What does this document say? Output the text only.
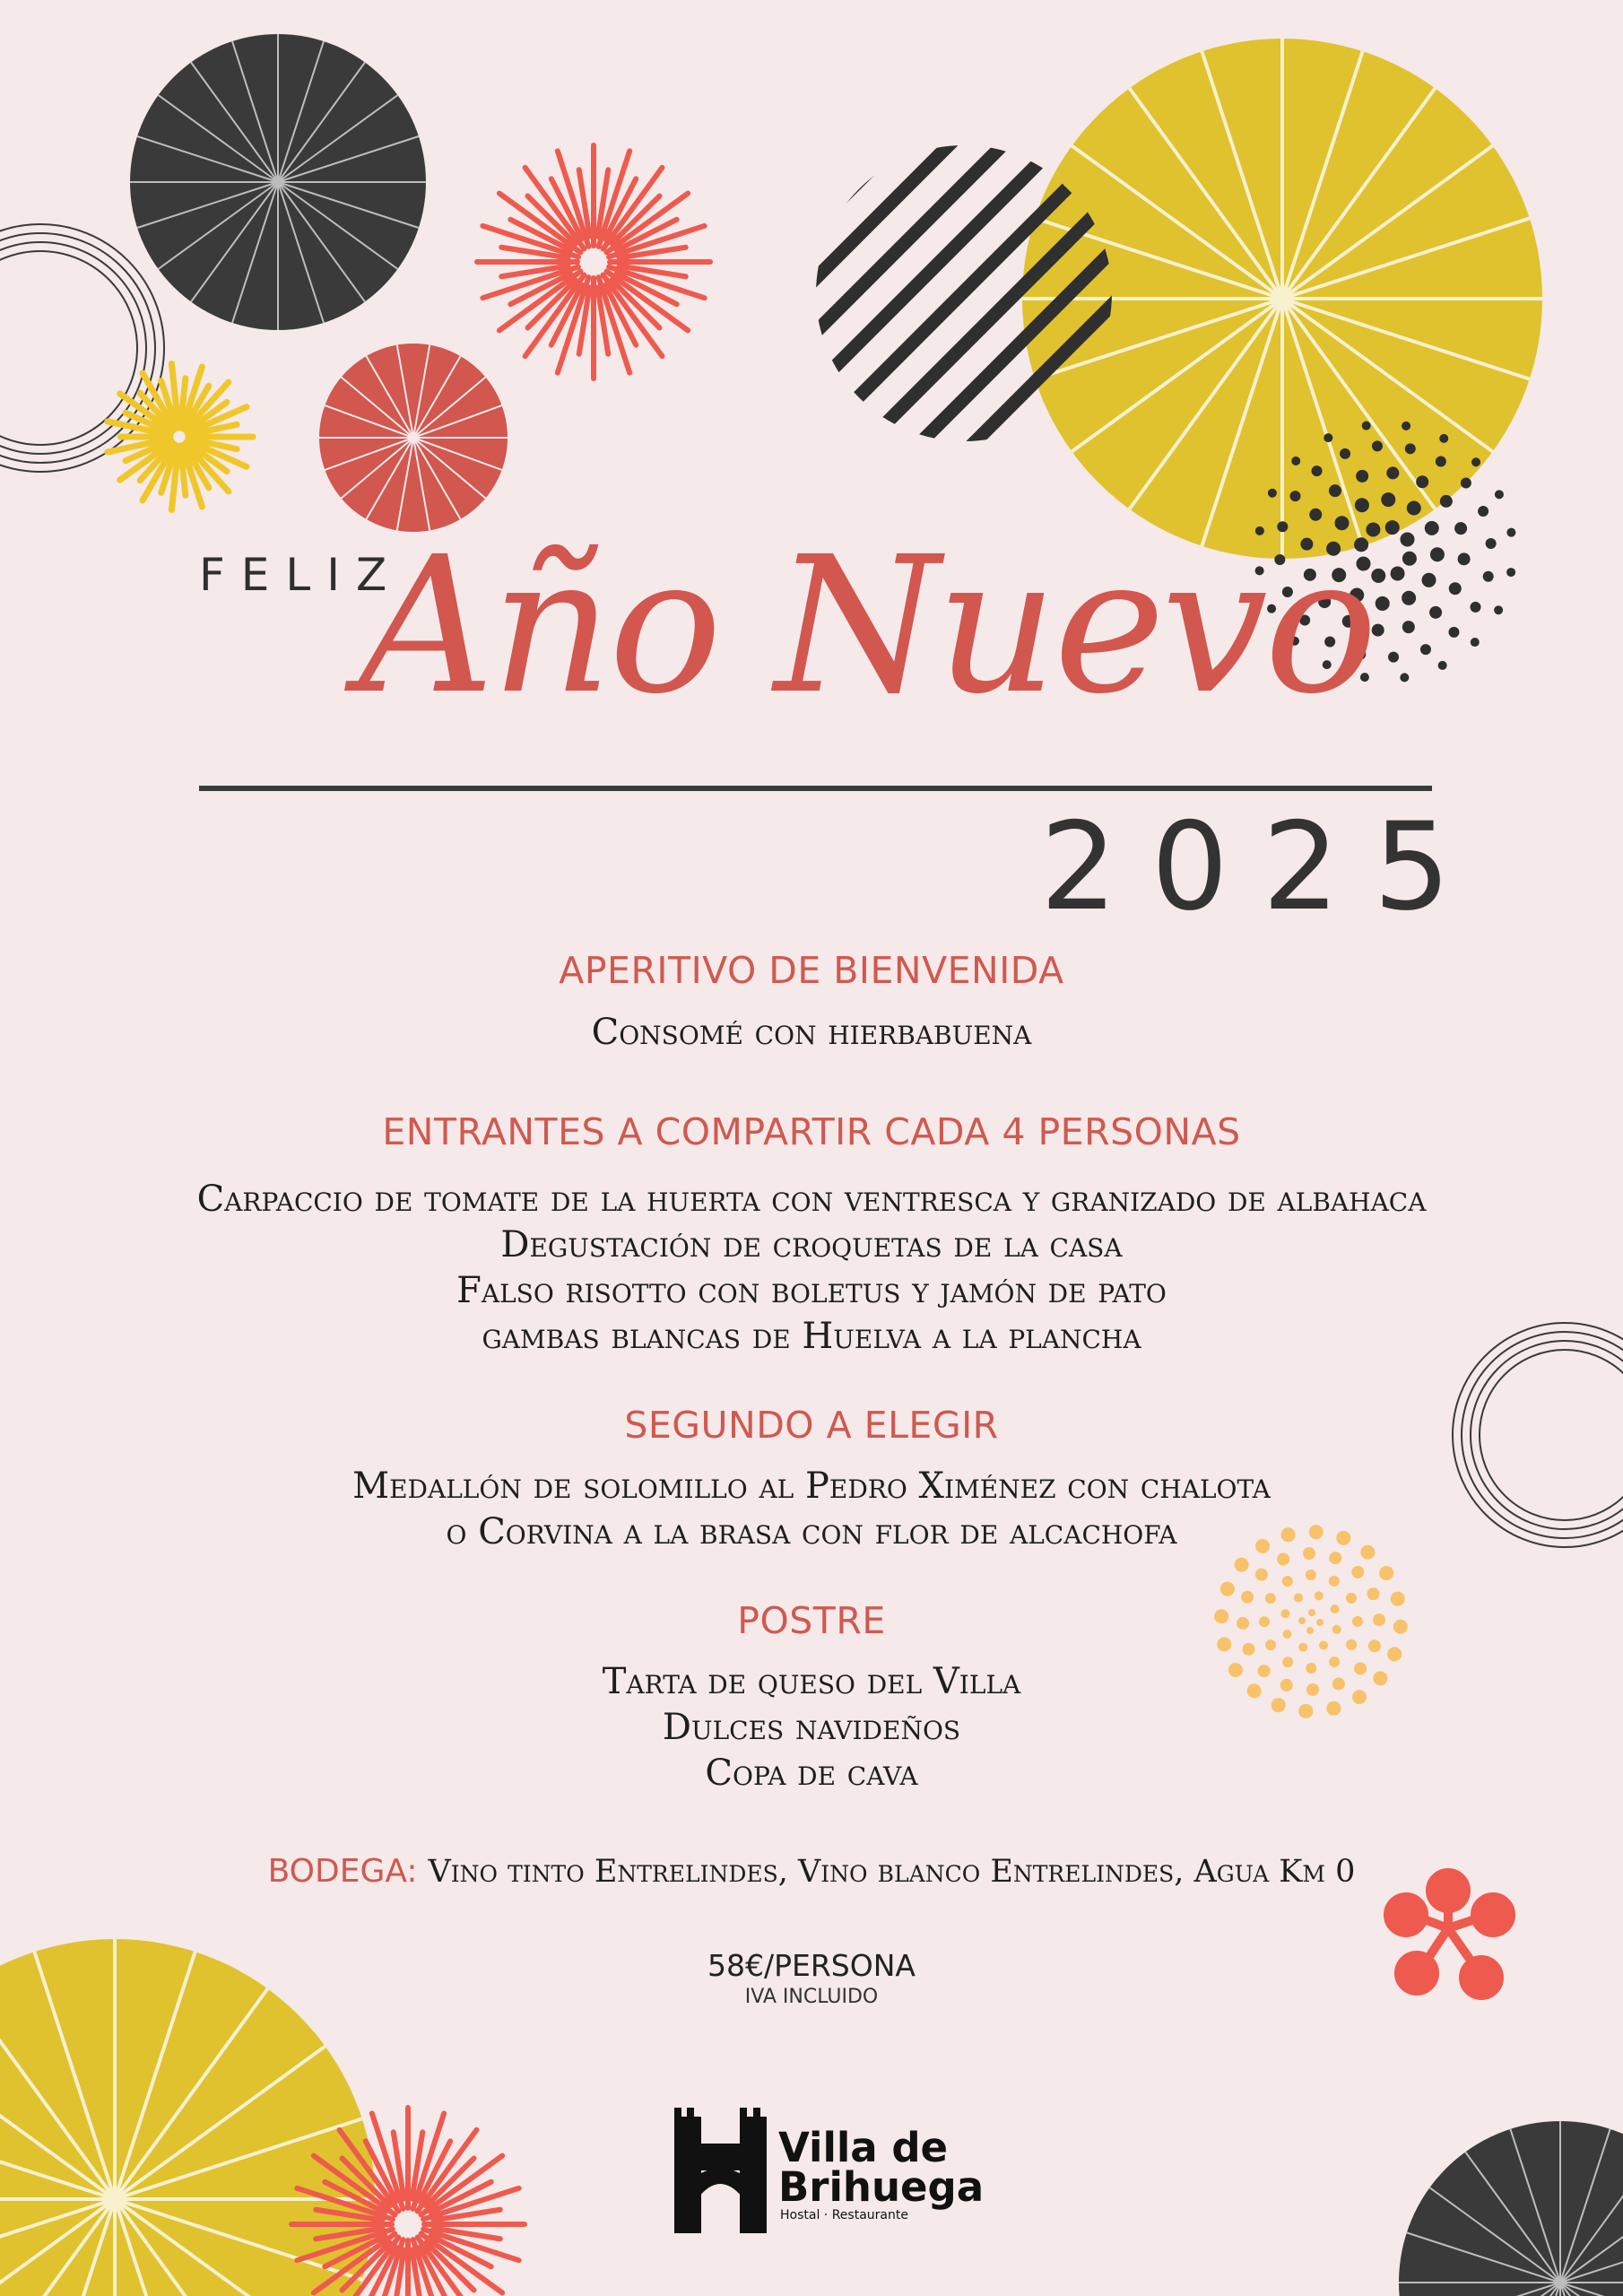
FELIZ
Año Nuevo
2025
APERITIVO DE BIENVENIDA
Consomé con hierbabuena
ENTRANTES A COMPARTIR CADA 4 PERSONAS
Carpaccio de tomate de la huerta con ventresca y granizado de albahaca
Degustación de croquetas de la casa
Falso risotto con boletus y jamón de pato
gambas blancas de Huelva a la plancha
SEGUNDO A ELEGIR
Medallón de solomillo al Pedro Ximénez con chalota
o Corvina a la brasa con flor de alcachofa
POSTRE
Tarta de queso del Villa
Dulces navideños
Copa de cava
BODEGA: Vino tinto Entrelindes, Vino blanco Entrelindes, Agua Km 0
58€/PERSONA
IVA INCLUIDO
Villa de
Brihuega
Hostal · Restaurante
